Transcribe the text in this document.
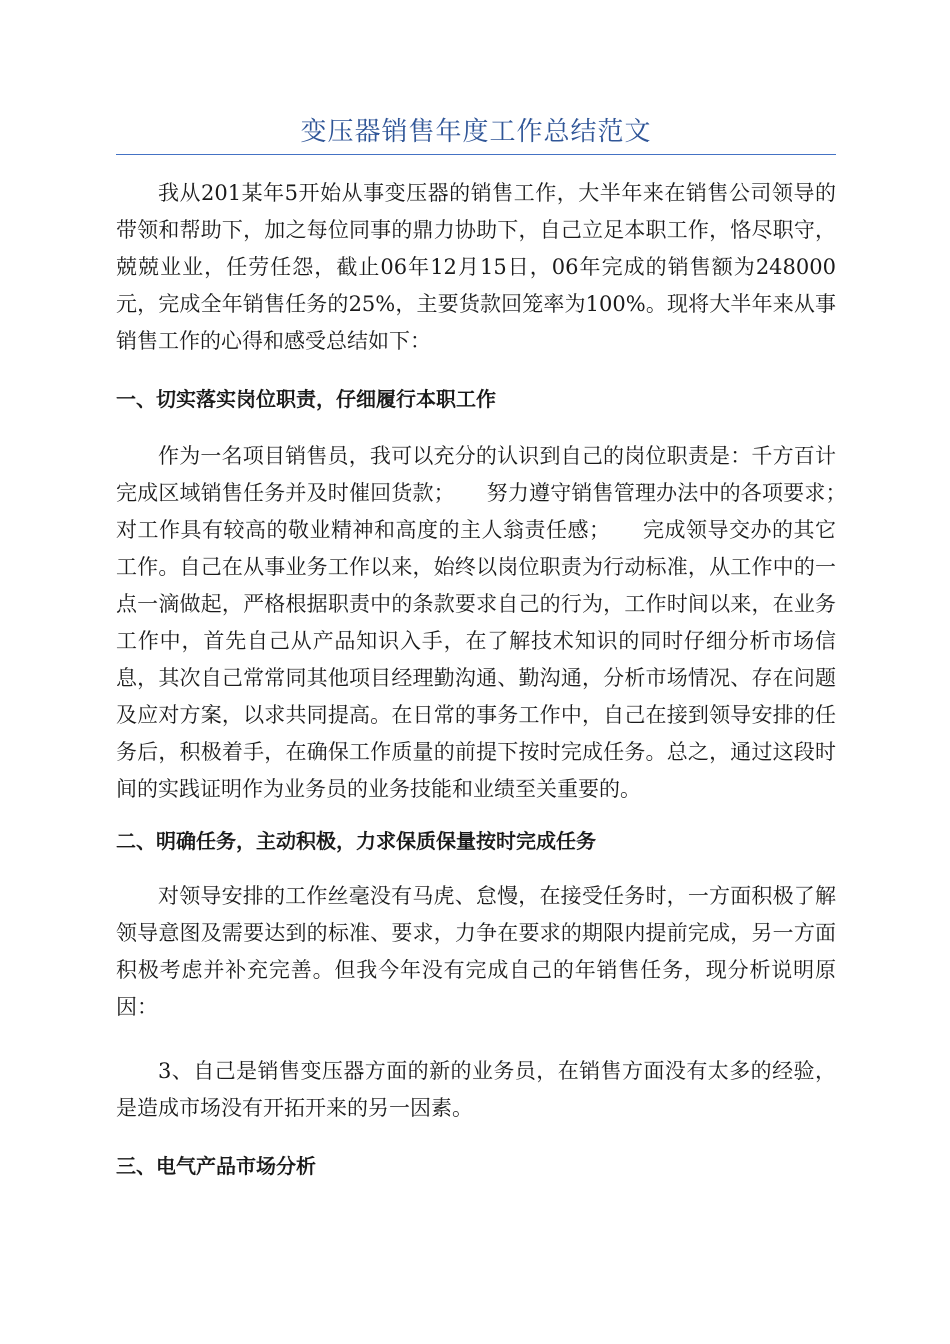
变压器销售年度工作总结范文

我从201某年5开始从事变压器的销售工作，大半年来在销售公司领导的带领和帮助下，加之每位同事的鼎力协助下，自己立足本职工作，恪尽职守，兢兢业业，任劳任怨，截止06年12月15日，06年完成的销售额为248000元，完成全年销售任务的25%，主要货款回笼率为100%。现将大半年来从事销售工作的心得和感受总结如下：

一、切实落实岗位职责，仔细履行本职工作

作为一名项目销售员，我可以充分的认识到自己的岗位职责是：千方百计完成区域销售任务并及时催回货款；　　努力遵守销售管理办法中的各项要求；　　对工作具有较高的敬业精神和高度的主人翁责任感；　　完成领导交办的其它工作。自己在从事业务工作以来，始终以岗位职责为行动标准，从工作中的一点一滴做起，严格根据职责中的条款要求自己的行为，工作时间以来，在业务工作中，首先自己从产品知识入手，在了解技术知识的同时仔细分析市场信息，其次自己常常同其他项目经理勤沟通、勤沟通，分析市场情况、存在问题及应对方案，以求共同提高。在日常的事务工作中，自己在接到领导安排的任务后，积极着手，在确保工作质量的前提下按时完成任务。总之，通过这段时间的实践证明作为业务员的业务技能和业绩至关重要的。

二、明确任务，主动积极，力求保质保量按时完成任务

对领导安排的工作丝毫没有马虎、怠慢，在接受任务时，一方面积极了解领导意图及需要达到的标准、要求，力争在要求的期限内提前完成，另一方面积极考虑并补充完善。但我今年没有完成自己的年销售任务，现分析说明原因：

3、自己是销售变压器方面的新的业务员，在销售方面没有太多的经验，是造成市场没有开拓开来的另一因素。

三、电气产品市场分析
